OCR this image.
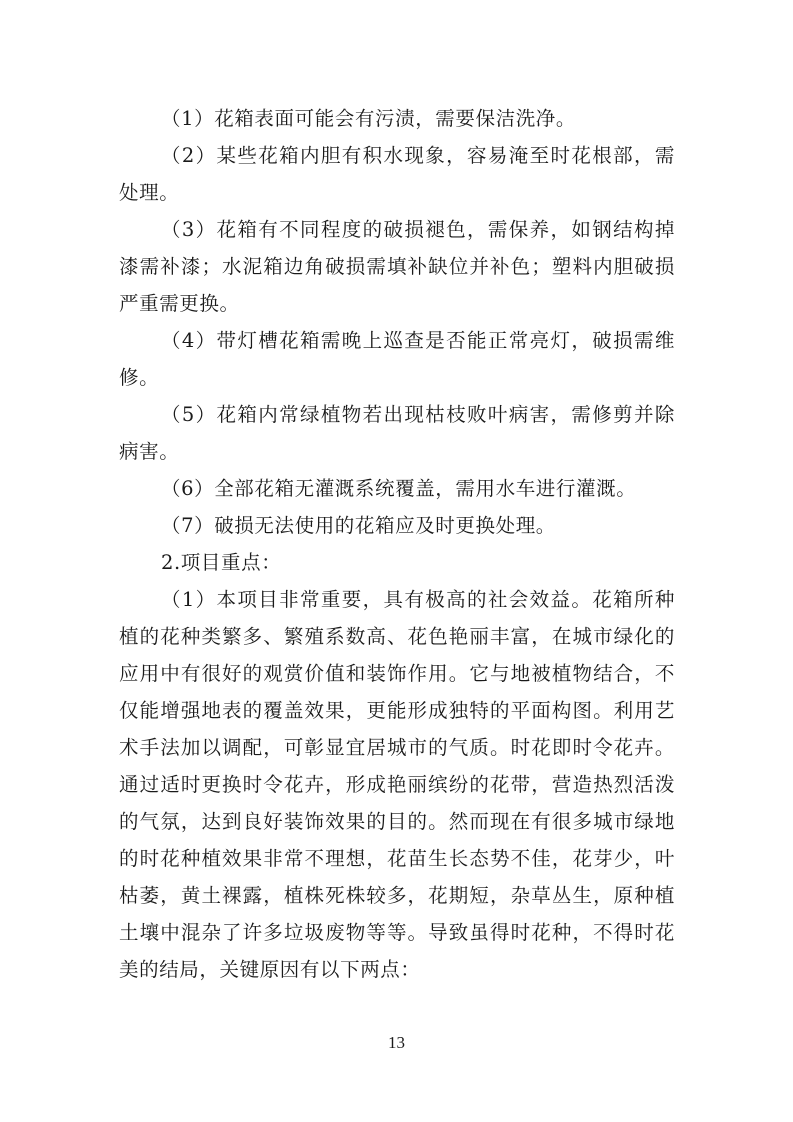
（1）花箱表面可能会有污渍，需要保洁洗净。

（2）某些花箱内胆有积水现象，容易淹至时花根部，需处理。

（3）花箱有不同程度的破损褪色，需保养，如钢结构掉漆需补漆；水泥箱边角破损需填补缺位并补色；塑料内胆破损严重需更换。

（4）带灯槽花箱需晚上巡查是否能正常亮灯，破损需维修。

（5）花箱内常绿植物若出现枯枝败叶病害，需修剪并除病害。

（6）全部花箱无灌溉系统覆盖，需用水车进行灌溉。

（7）破损无法使用的花箱应及时更换处理。

2.项目重点：

（1）本项目非常重要，具有极高的社会效益。花箱所种植的花种类繁多、繁殖系数高、花色艳丽丰富，在城市绿化的应用中有很好的观赏价值和装饰作用。它与地被植物结合，不仅能增强地表的覆盖效果，更能形成独特的平面构图。利用艺术手法加以调配，可彰显宜居城市的气质。时花即时令花卉。通过适时更换时令花卉，形成艳丽缤纷的花带，营造热烈活泼的气氛，达到良好装饰效果的目的。然而现在有很多城市绿地的时花种植效果非常不理想，花苗生长态势不佳，花芽少，叶枯萎，黄土裸露，植株死株较多，花期短，杂草丛生，原种植土壤中混杂了许多垃圾废物等等。导致虽得时花种，不得时花美的结局，关键原因有以下两点：

13
